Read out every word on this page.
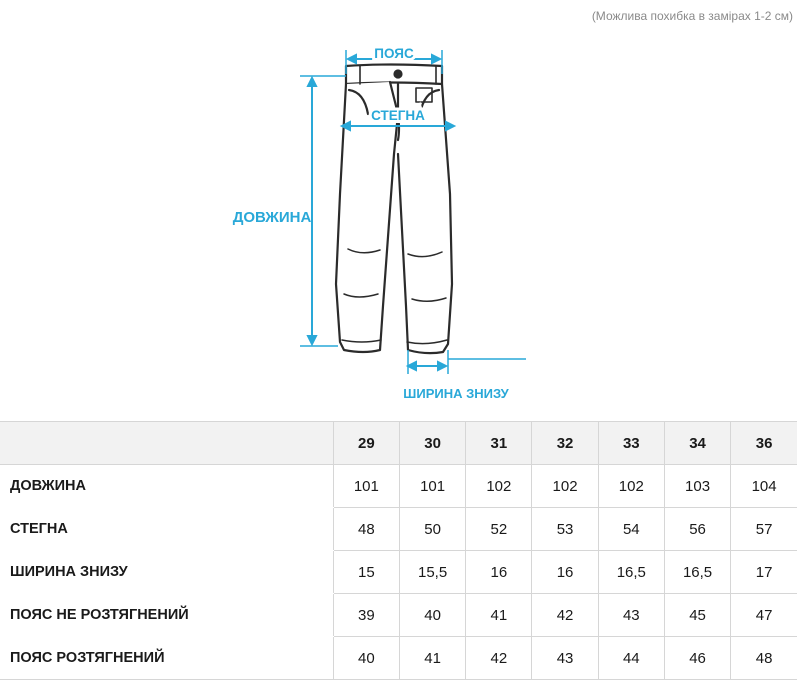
(Можлива похибка в замірах 1-2 см)
ПОЯС
СТЕГНА
ДОВЖИНА
ШИРИНА ЗНИЗУ
	29	30	31	32	33	34	36
ДОВЖИНА	101	101	102	102	102	103	104
СТЕГНА	48	50	52	53	54	56	57
ШИРИНА ЗНИЗУ	15	15,5	16	16	16,5	16,5	17
ПОЯС НЕ РОЗТЯГНЕНИЙ	39	40	41	42	43	45	47
ПОЯС РОЗТЯГНЕНИЙ	40	41	42	43	44	46	48
